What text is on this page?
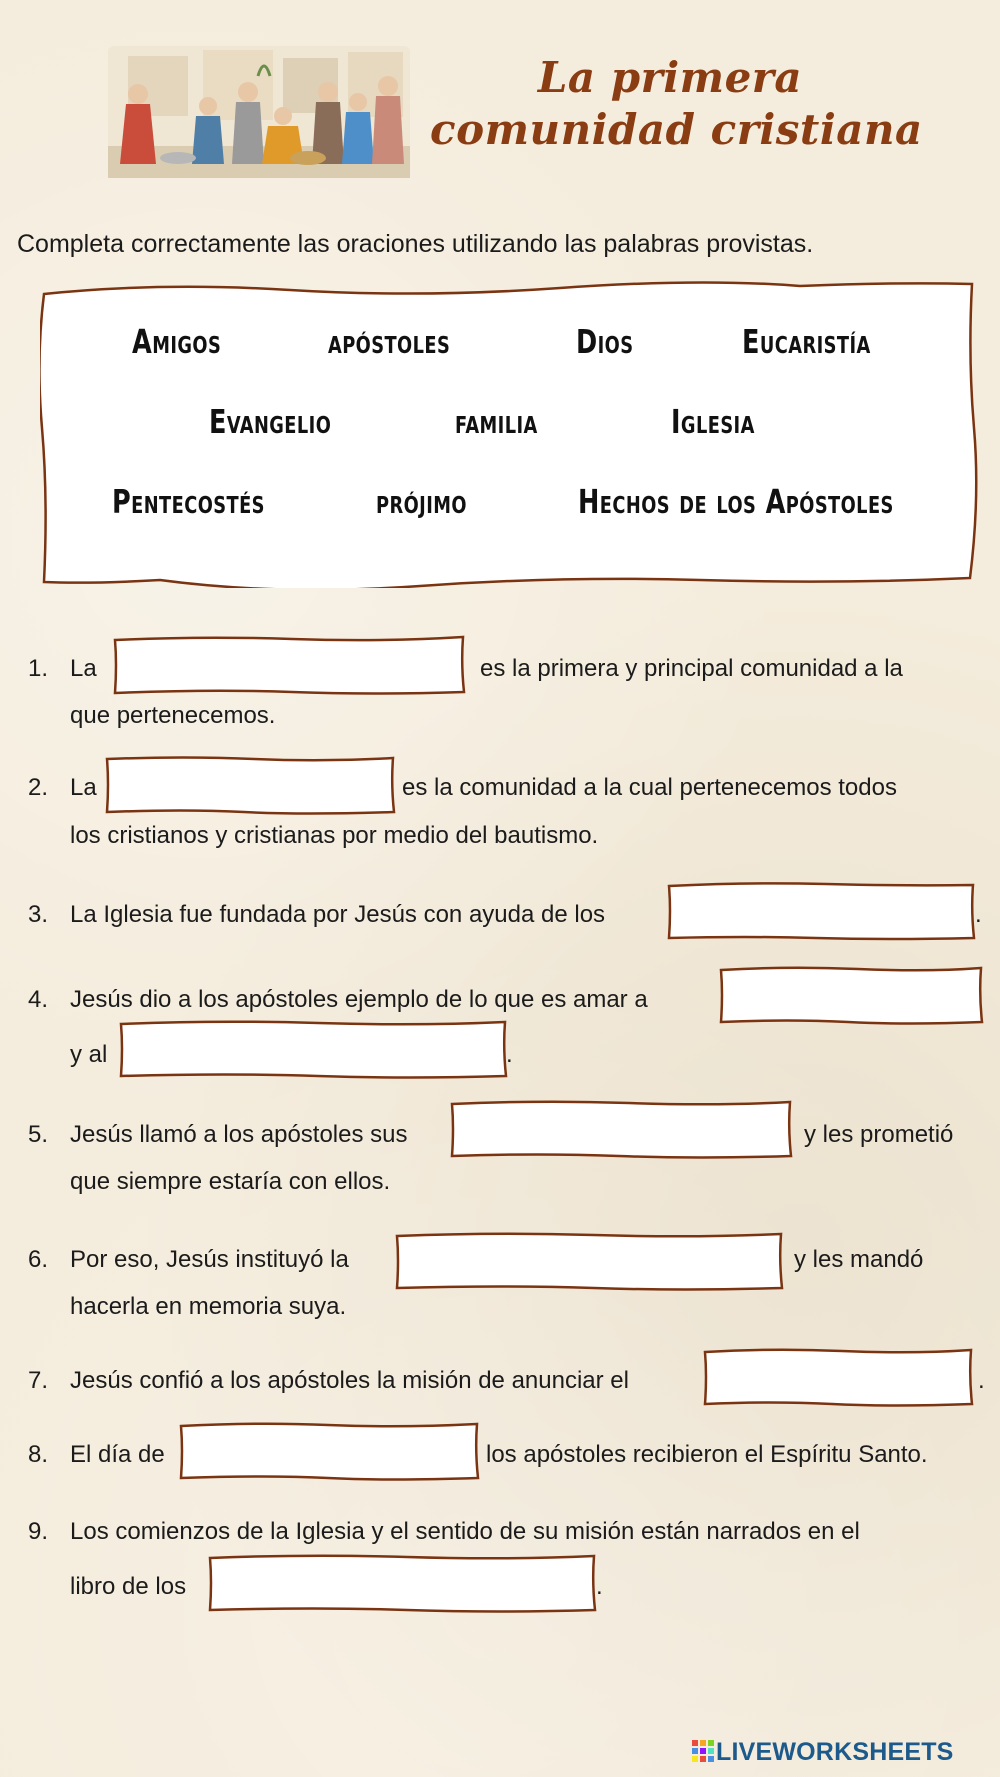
La primera
comunidad cristiana
Completa correctamente las oraciones utilizando las palabras provistas.
Amigos	apóstoles	Dios	Eucaristía
Evangelio	familia	Iglesia
Pentecostés	prójimo	Hechos de los Apóstoles
1. La	es la primera y principal comunidad a la
que pertenecemos.
2. La	es la comunidad a la cual pertenecemos todos
los cristianos y cristianas por medio del bautismo.
3. La Iglesia fue fundada por Jesús con ayuda de los	.
4. Jesús dio a los apóstoles ejemplo de lo que es amar a
y al	.
5. Jesús llamó a los apóstoles sus	y les prometió
que siempre estaría con ellos.
6. Por eso, Jesús instituyó la	y les mandó
hacerla en memoria suya.
7. Jesús confió a los apóstoles la misión de anunciar el	.
8. El día de	los apóstoles recibieron el Espíritu Santo.
9. Los comienzos de la Iglesia y el sentido de su misión están narrados en el
libro de los	.
LIVEWORKSHEETS
